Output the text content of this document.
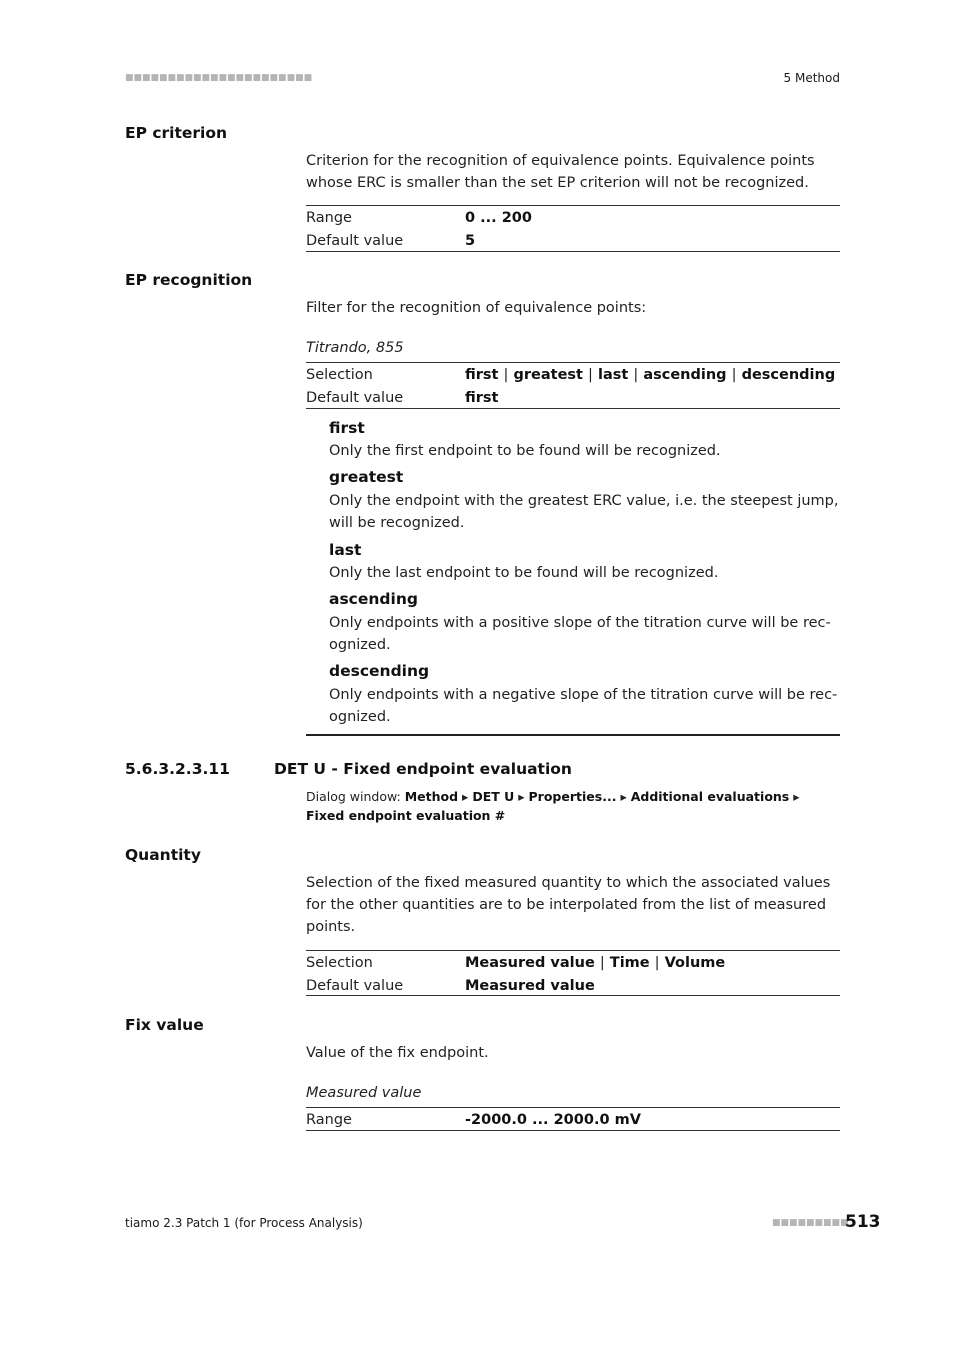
■■■■■■■■■■■■■■■■■■■■■■	5 Method
EP criterion
Criterion for the recognition of equivalence points. Equivalence points whose ERC is smaller than the set EP criterion will not be recognized.
Range	0 ... 200
Default value	5
EP recognition
Filter for the recognition of equivalence points:
Titrando, 855
Selection	first | greatest | last | ascending | descending
Default value	first
first
Only the first endpoint to be found will be recognized.
greatest
Only the endpoint with the greatest ERC value, i.e. the steepest jump, will be recognized.
last
Only the last endpoint to be found will be recognized.
ascending
Only endpoints with a positive slope of the titration curve will be rec- ognized.
descending
Only endpoints with a negative slope of the titration curve will be rec- ognized.
5.6.3.2.3.11	DET U - Fixed endpoint evaluation
Dialog window: Method ▸ DET U ▸ Properties... ▸ Additional evaluations ▸ Fixed endpoint evaluation #
Quantity
Selection of the fixed measured quantity to which the associated values for the other quantities are to be interpolated from the list of measured points.
Selection	Measured value | Time | Volume
Default value	Measured value
Fix value
Value of the fix endpoint.
Measured value
Range	-2000.0 ... 2000.0 mV
tiamo 2.3 Patch 1 (for Process Analysis)	■■■■■■■■■
513
